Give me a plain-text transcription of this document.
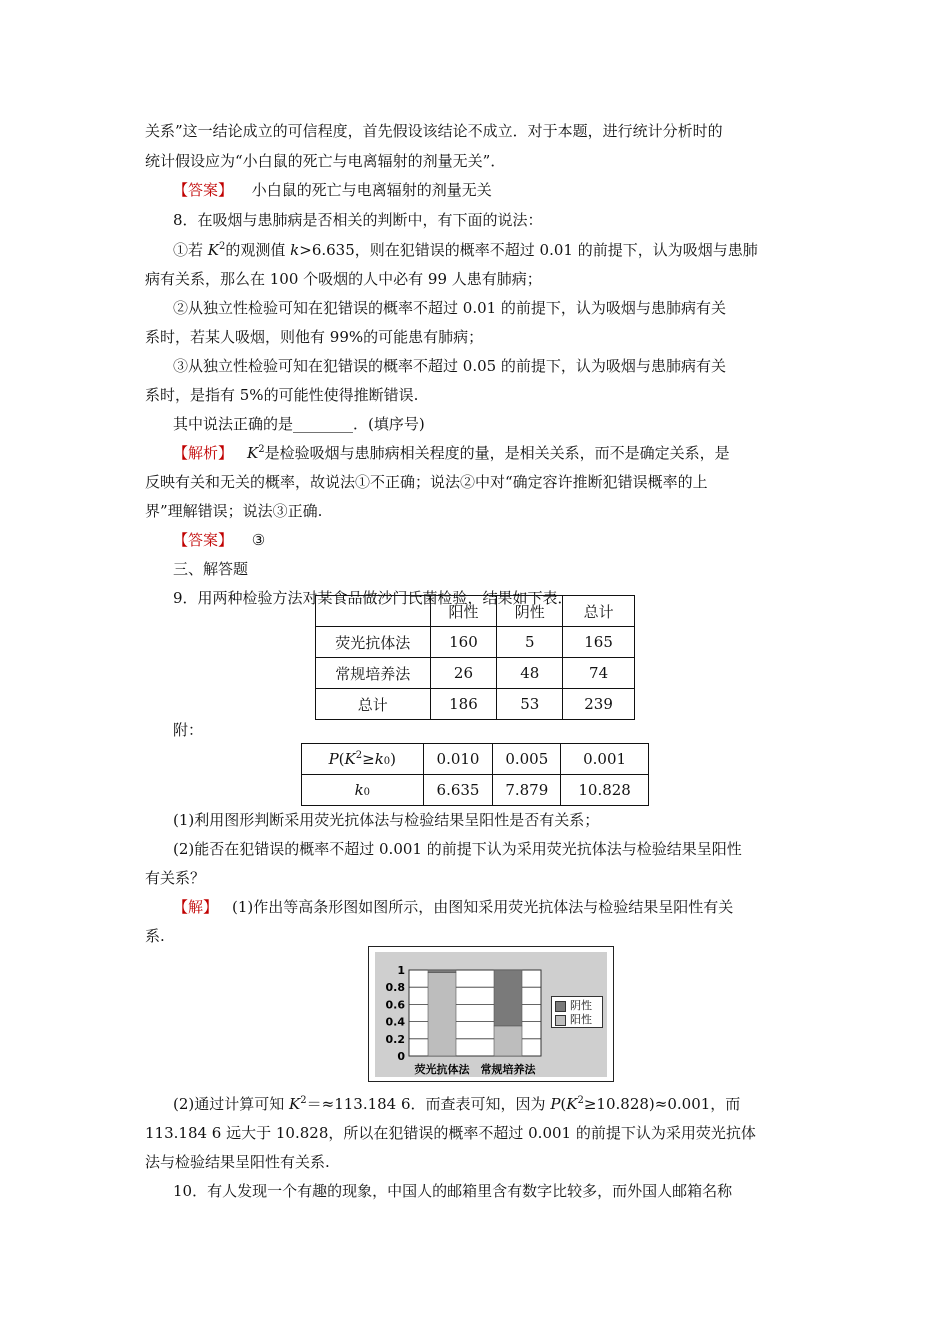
关系”这一结论成立的可信程度，首先假设该结论不成立．对于本题，进行统计分析时的
统计假设应为“小白鼠的死亡与电离辐射的剂量无关”．
【答案】 小白鼠的死亡与电离辐射的剂量无关
8．在吸烟与患肺病是否相关的判断中，有下面的说法：
①若 $K^2$的观测值 k>6.635，则在犯错误的概率不超过 0.01 的前提下，认为吸烟与患肺
病有关系，那么在 100 个吸烟的人中必有 99 人患有肺病；
②从独立性检验可知在犯错误的概率不超过 0.01 的前提下，认为吸烟与患肺病有关
系时，若某人吸烟，则他有 99%的可能患有肺病；
③从独立性检验可知在犯错误的概率不超过 0.05 的前提下，认为吸烟与患肺病有关
系时，是指有 5%的可能性使得推断错误.
其中说法正确的是________．(填序号)
【解析】 $K^2$是检验吸烟与患肺病相关程度的量，是相关关系，而不是确定关系，是
反映有关和无关的概率，故说法①不正确；说法②中对“确定容许推断犯错误概率的上
界”理解错误；说法③正确.
【答案】 ③
三、解答题
9．用两种检验方法对某食品做沙门氏菌检验，结果如下表．
	阳性	阴性	总计
荧光抗体法	160	5	165
常规培养法	26	48	74
总计	186	53	239
附：
$P(K^2\ge k0)$	0.010	0.005	0.001
k0	6.635	7.879	10.828
(1)利用图形判断采用荧光抗体法与检验结果呈阳性是否有关系；
(2)能否在犯错误的概率不超过 0.001 的前提下认为采用荧光抗体法与检验结果呈阳性
有关系？
【解】 (1)作出等高条形图如图所示，由图知采用荧光抗体法与检验结果呈阳性有关
系.
0
0.2
0.4
0.6
0.8
1
荧光抗体法 常规培养法
阴性
阳性
(2)通过计算可知 $K^2=\approx 113.184$ 6．而查表可知，因为 $P(K^2\ge 10.828)\approx 0.001$，而
113.184 6 远大于 10.828，所以在犯错误的概率不超过 0.001 的前提下认为采用荧光抗体
法与检验结果呈阳性有关系.
10．有人发现一个有趣的现象，中国人的邮箱里含有数字比较多，而外国人邮箱名称
